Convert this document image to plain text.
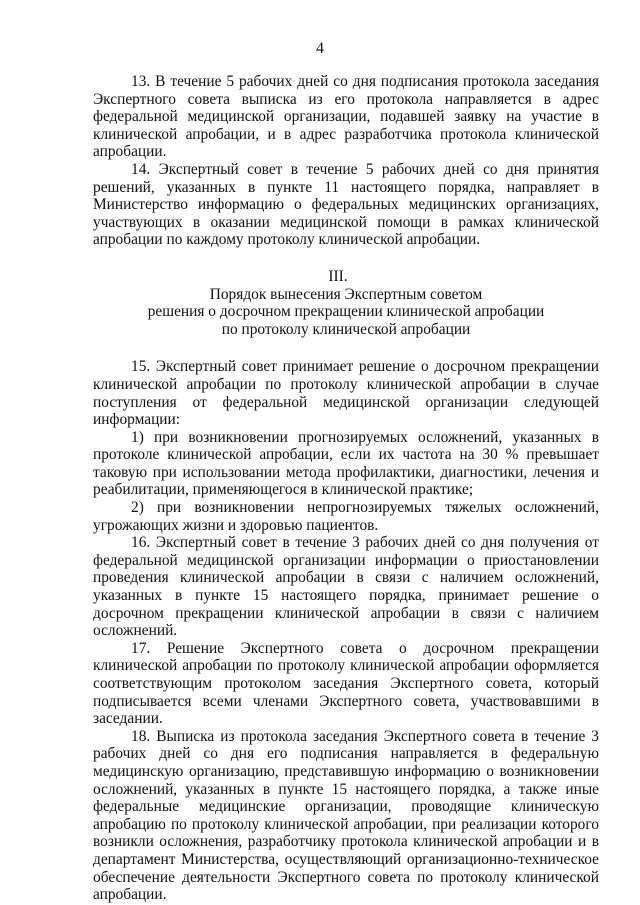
4

13. В течение 5 рабочих дней со дня подписания протокола заседания Экспертного совета выписка из его протокола направляется в адрес федеральной медицинской организации, подавшей заявку на участие в клинической апробации, и в адрес разработчика протокола клинической апробации.

14. Экспертный совет в течение 5 рабочих дней со дня принятия решений, указанных в пункте 11 настоящего порядка, направляет в Министерство информацию о федеральных медицинских организациях, участвующих в оказании медицинской помощи в рамках клинической апробации по каждому протоколу клинической апробации.

III.
Порядок вынесения Экспертным советом
решения о досрочном прекращении клинической апробации
по протоколу клинической апробации

15. Экспертный совет принимает решение о досрочном прекращении клинической апробации по протоколу клинической апробации в случае поступления от федеральной медицинской организации следующей информации:

1) при возникновении прогнозируемых осложнений, указанных в протоколе клинической апробации, если их частота на 30 % превышает таковую при использовании метода профилактики, диагностики, лечения и реабилитации, применяющегося в клинической практике;

2) при возникновении непрогнозируемых тяжелых осложнений, угрожающих жизни и здоровью пациентов.

16. Экспертный совет в течение 3 рабочих дней со дня получения от федеральной медицинской организации информации о приостановлении проведения клинической апробации в связи с наличием осложнений, указанных в пункте 15 настоящего порядка, принимает решение о досрочном прекращении клинической апробации в связи с наличием осложнений.

17. Решение Экспертного совета о досрочном прекращении клинической апробации по протоколу клинической апробации оформляется соответствующим протоколом заседания Экспертного совета, который подписывается всеми членами Экспертного совета, участвовавшими в заседании.

18. Выписка из протокола заседания Экспертного совета в течение 3 рабочих дней со дня его подписания направляется в федеральную медицинскую организацию, представившую информацию о возникновении осложнений, указанных в пункте 15 настоящего порядка, а также иные федеральные медицинские организации, проводящие клиническую апробацию по протоколу клинической апробации, при реализации которого возникли осложнения, разработчику протокола клинической апробации и в департамент Министерства, осуществляющий организационно-техническое обеспечение деятельности Экспертного совета по протоколу клинической апробации.
